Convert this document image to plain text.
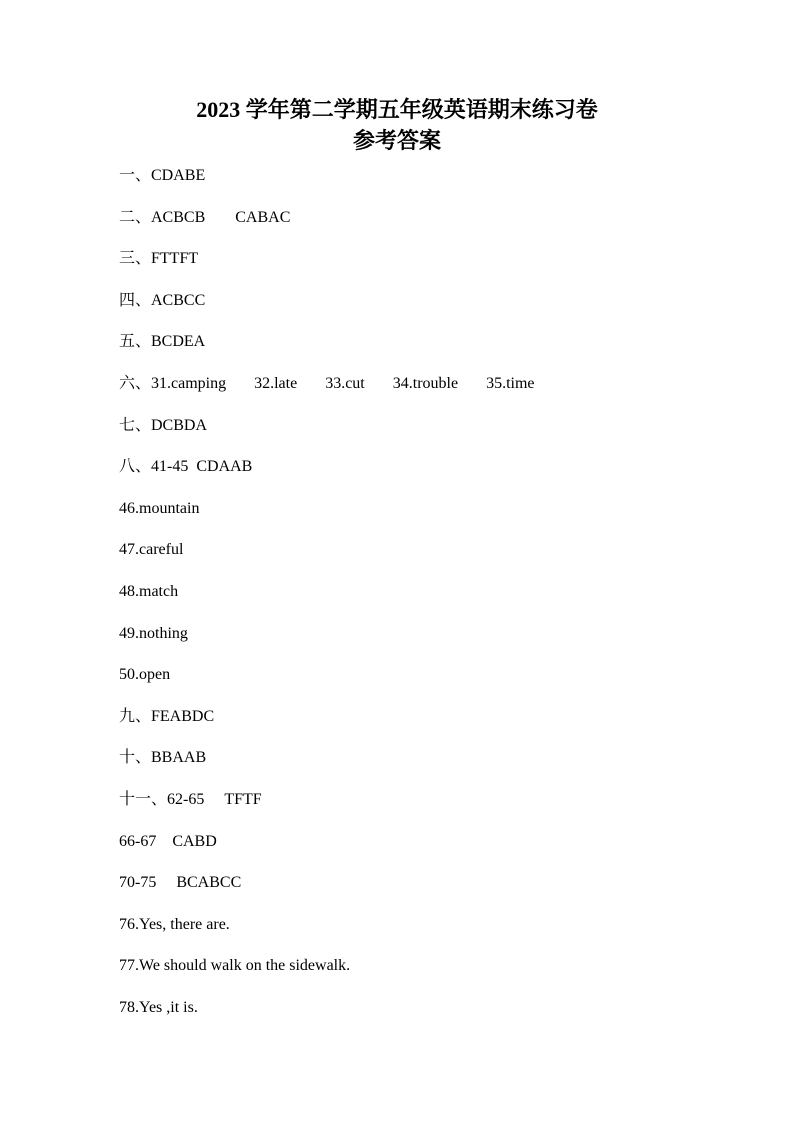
2023 学年第二学期五年级英语期末练习卷
参考答案
一、CDABE
二、ACBCB CABAC
三、FTTFT
四、ACBCC
五、BCDEA
六、31.camping 32.late 33.cut 34.trouble 35.time
七、DCBDA
八、41-45 CDAAB
46.mountain
47.careful
48.match
49.nothing
50.open
九、FEABDC
十、BBAAB
十一、62-65 TFTF
66-67 CABD
70-75 BCABCC
76.Yes, there are.
77.We should walk on the sidewalk.
78.Yes ,it is.
